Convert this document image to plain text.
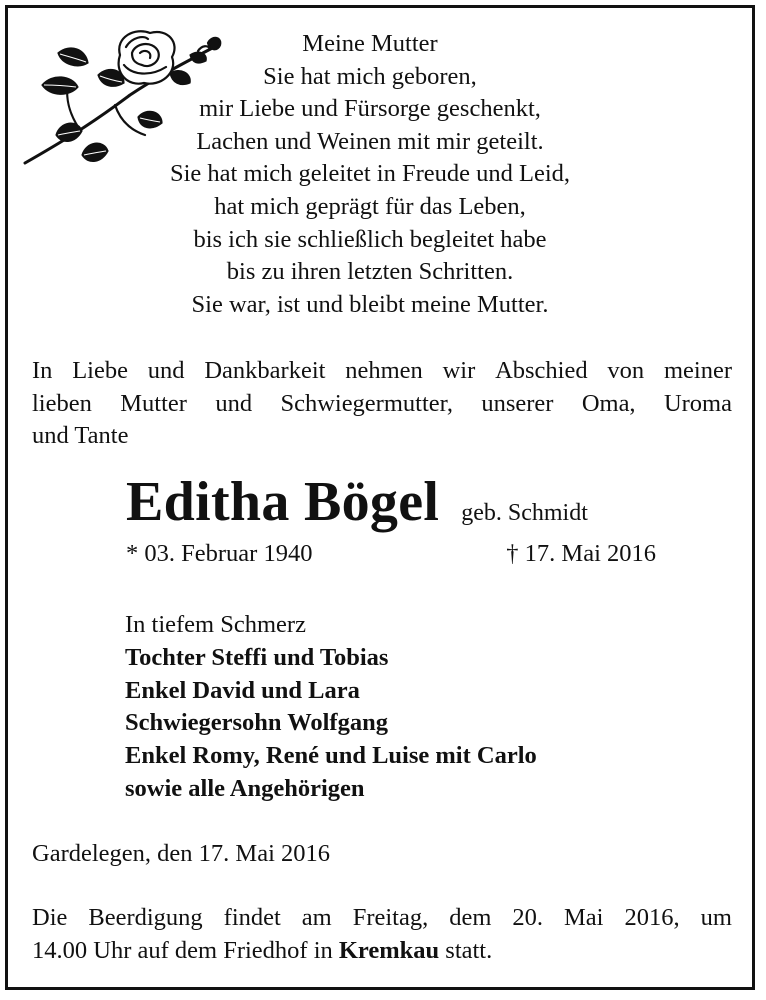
Meine Mutter
Sie hat mich geboren,
mir Liebe und Fürsorge geschenkt,
Lachen und Weinen mit mir geteilt.
Sie hat mich geleitet in Freude und Leid,
hat mich geprägt für das Leben,
bis ich sie schließlich begleitet habe
bis zu ihren letzten Schritten.
Sie war, ist und bleibt meine Mutter.
In Liebe und Dankbarkeit nehmen wir Abschied von meiner
lieben Mutter und Schwiegermutter, unserer Oma, Uroma
und Tante
Editha Bögel geb. Schmidt
* 03. Februar 1940	† 17. Mai 2016
In tiefem Schmerz
Tochter Steffi und Tobias
Enkel David und Lara
Schwiegersohn Wolfgang
Enkel Romy, René und Luise mit Carlo
sowie alle Angehörigen
Gardelegen, den 17. Mai 2016
Die Beerdigung findet am Freitag, dem 20. Mai 2016, um
14.00 Uhr auf dem Friedhof in Kremkau statt.
